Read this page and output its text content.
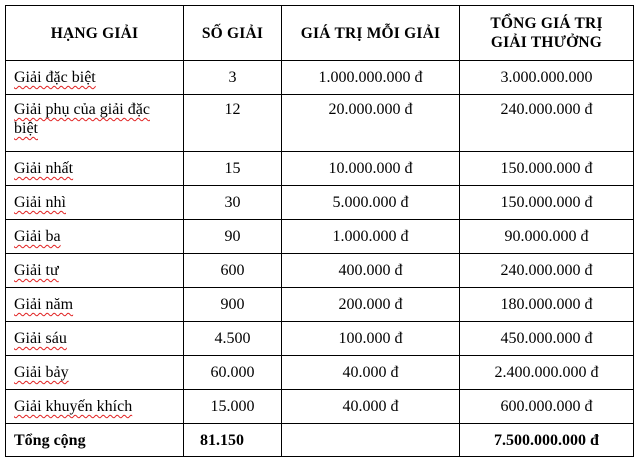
HẠNG GIẢI	SỐ GIẢI	GIÁ TRỊ MỖI GIẢI	TỔNG GIÁ TRỊ
GIẢI THƯỞNG
Giải đặc biệt	3	1.000.000.000 đ	3.000.000.000
Giải phụ của giải đặc
biệt	12	20.000.000 đ	240.000.000 đ
Giải nhất	15	10.000.000 đ	150.000.000 đ
Giải nhì	30	5.000.000 đ	150.000.000 đ
Giải ba	90	1.000.000 đ	90.000.000 đ
Giải tư	600	400.000 đ	240.000.000 đ
Giải năm	900	200.000 đ	180.000.000 đ
Giải sáu	4.500	100.000 đ	450.000.000 đ
Giải bảy	60.000	40.000 đ	2.400.000.000 đ
Giải khuyến khích	15.000	40.000 đ	600.000.000 đ
Tổng cộng	81.150		7.500.000.000 đ
